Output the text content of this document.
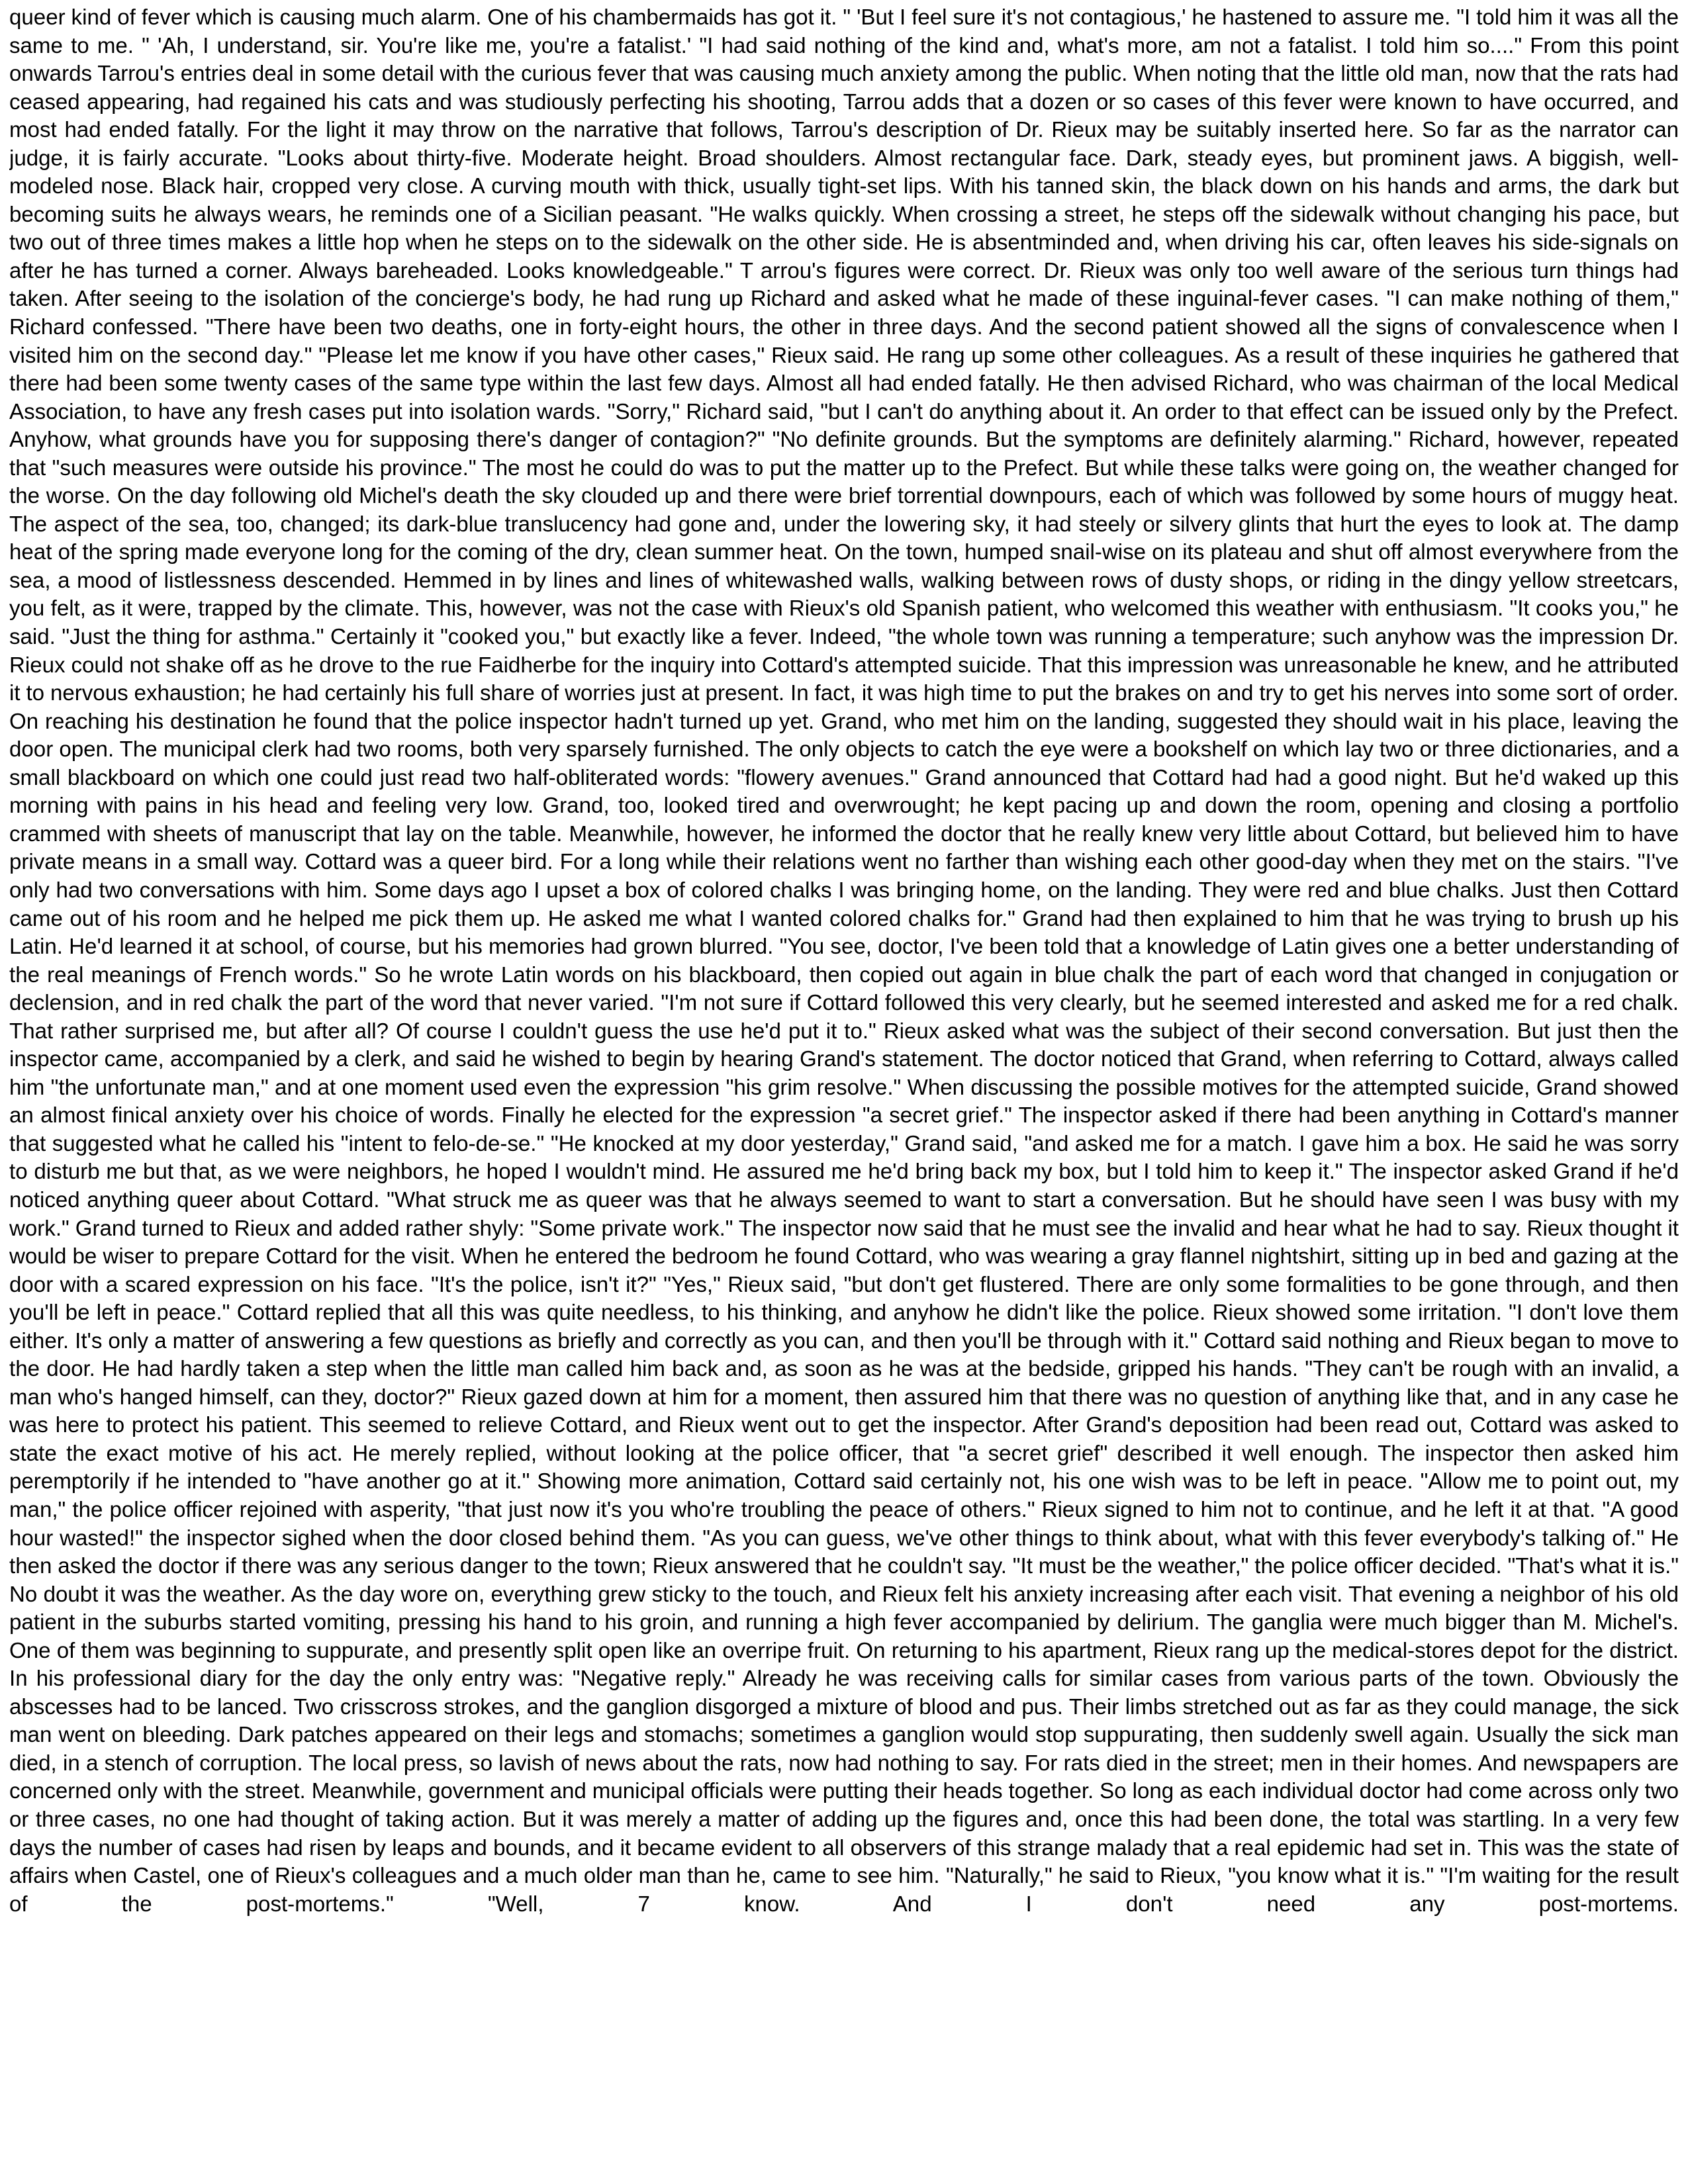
queer kind of fever which is causing much alarm. One of his chambermaids has got it. " 'But I feel sure it's not contagious,' he hastened to assure me. "I told him it was all the same to me. " 'Ah, I understand, sir. You're like me, you're a fatalist.' "I had said nothing of the kind and, what's more, am not a fatalist. I told him so...." From this point onwards Tarrou's entries deal in some detail with the curious fever that was causing much anxiety among the public. When noting that the little old man, now that the rats had ceased appearing, had regained his cats and was studiously perfecting his shooting, Tarrou adds that a dozen or so cases of this fever were known to have occurred, and most had ended fatally. For the light it may throw on the narrative that follows, Tarrou's description of Dr. Rieux may be suitably inserted here. So far as the narrator can judge, it is fairly accurate. "Looks about thirty-five. Moderate height. Broad shoulders. Almost rectangular face. Dark, steady eyes, but prominent jaws. A biggish, well-modeled nose. Black hair, cropped very close. A curving mouth with thick, usually tight-set lips. With his tanned skin, the black down on his hands and arms, the dark but becoming suits he always wears, he reminds one of a Sicilian peasant. "He walks quickly. When crossing a street, he steps off the sidewalk without changing his pace, but two out of three times makes a little hop when he steps on to the sidewalk on the other side. He is absentminded and, when driving his car, often leaves his side-signals on after he has turned a corner. Always bareheaded. Looks knowledgeable." T arrou's figures were correct. Dr. Rieux was only too well aware of the serious turn things had taken. After seeing to the isolation of the concierge's body, he had rung up Richard and asked what he made of these inguinal-fever cases. "I can make nothing of them," Richard confessed. "There have been two deaths, one in forty-eight hours, the other in three days. And the second patient showed all the signs of convalescence when I visited him on the second day." "Please let me know if you have other cases," Rieux said. He rang up some other colleagues. As a result of these inquiries he gathered that there had been some twenty cases of the same type within the last few days. Almost all had ended fatally. He then advised Richard, who was chairman of the local Medical Association, to have any fresh cases put into isolation wards. "Sorry," Richard said, "but I can't do anything about it. An order to that effect can be issued only by the Prefect. Anyhow, what grounds have you for supposing there's danger of contagion?" "No definite grounds. But the symptoms are definitely alarming." Richard, however, repeated that "such measures were outside his province." The most he could do was to put the matter up to the Prefect. But while these talks were going on, the weather changed for the worse. On the day following old Michel's death the sky clouded up and there were brief torrential downpours, each of which was followed by some hours of muggy heat. The aspect of the sea, too, changed; its dark-blue translucency had gone and, under the lowering sky, it had steely or silvery glints that hurt the eyes to look at. The damp heat of the spring made everyone long for the coming of the dry, clean summer heat. On the town, humped snail-wise on its plateau and shut off almost everywhere from the sea, a mood of listlessness descended. Hemmed in by lines and lines of whitewashed walls, walking between rows of dusty shops, or riding in the dingy yellow streetcars, you felt, as it were, trapped by the climate. This, however, was not the case with Rieux's old Spanish patient, who welcomed this weather with enthusiasm. "It cooks you," he said. "Just the thing for asthma." Certainly it "cooked you," but exactly like a fever. Indeed, "the whole town was running a temperature; such anyhow was the impression Dr. Rieux could not shake off as he drove to the rue Faidherbe for the inquiry into Cottard's attempted suicide. That this impression was unreasonable he knew, and he attributed it to nervous exhaustion; he had certainly his full share of worries just at present. In fact, it was high time to put the brakes on and try to get his nerves into some sort of order. On reaching his destination he found that the police inspector hadn't turned up yet. Grand, who met him on the landing, suggested they should wait in his place, leaving the door open. The municipal clerk had two rooms, both very sparsely furnished. The only objects to catch the eye were a bookshelf on which lay two or three dictionaries, and a small blackboard on which one could just read two half-obliterated words: "flowery avenues." Grand announced that Cottard had had a good night. But he'd waked up this morning with pains in his head and feeling very low. Grand, too, looked tired and overwrought; he kept pacing up and down the room, opening and closing a portfolio crammed with sheets of manuscript that lay on the table. Meanwhile, however, he informed the doctor that he really knew very little about Cottard, but believed him to have private means in a small way. Cottard was a queer bird. For a long while their relations went no farther than wishing each other good-day when they met on the stairs. "I've only had two conversations with him. Some days ago I upset a box of colored chalks I was bringing home, on the landing. They were red and blue chalks. Just then Cottard came out of his room and he helped me pick them up. He asked me what I wanted colored chalks for." Grand had then explained to him that he was trying to brush up his Latin. He'd learned it at school, of course, but his memories had grown blurred. "You see, doctor, I've been told that a knowledge of Latin gives one a better understanding of the real meanings of French words." So he wrote Latin words on his blackboard, then copied out again in blue chalk the part of each word that changed in conjugation or declension, and in red chalk the part of the word that never varied. "I'm not sure if Cottard followed this very clearly, but he seemed interested and asked me for a red chalk. That rather surprised me, but after all? Of course I couldn't guess the use he'd put it to." Rieux asked what was the subject of their second conversation. But just then the inspector came, accompanied by a clerk, and said he wished to begin by hearing Grand's statement. The doctor noticed that Grand, when referring to Cottard, always called him "the unfortunate man," and at one moment used even the expression "his grim resolve." When discussing the possible motives for the attempted suicide, Grand showed an almost finical anxiety over his choice of words. Finally he elected for the expression "a secret grief." The inspector asked if there had been anything in Cottard's manner that suggested what he called his "intent to felo-de-se." "He knocked at my door yesterday," Grand said, "and asked me for a match. I gave him a box. He said he was sorry to disturb me but that, as we were neighbors, he hoped I wouldn't mind. He assured me he'd bring back my box, but I told him to keep it." The inspector asked Grand if he'd noticed anything queer about Cottard. "What struck me as queer was that he always seemed to want to start a conversation. But he should have seen I was busy with my work." Grand turned to Rieux and added rather shyly: "Some private work." The inspector now said that he must see the invalid and hear what he had to say. Rieux thought it would be wiser to prepare Cottard for the visit. When he entered the bedroom he found Cottard, who was wearing a gray flannel nightshirt, sitting up in bed and gazing at the door with a scared expression on his face. "It's the police, isn't it?" "Yes," Rieux said, "but don't get flustered. There are only some formalities to be gone through, and then you'll be left in peace." Cottard replied that all this was quite needless, to his thinking, and anyhow he didn't like the police. Rieux showed some irritation. "I don't love them either. It's only a matter of answering a few questions as briefly and correctly as you can, and then you'll be through with it." Cottard said nothing and Rieux began to move to the door. He had hardly taken a step when the little man called him back and, as soon as he was at the bedside, gripped his hands. "They can't be rough with an invalid, a man who's hanged himself, can they, doctor?" Rieux gazed down at him for a moment, then assured him that there was no question of anything like that, and in any case he was here to protect his patient. This seemed to relieve Cottard, and Rieux went out to get the inspector. After Grand's deposition had been read out, Cottard was asked to state the exact motive of his act. He merely replied, without looking at the police officer, that "a secret grief" described it well enough. The inspector then asked him peremptorily if he intended to "have another go at it." Showing more animation, Cottard said certainly not, his one wish was to be left in peace. "Allow me to point out, my man," the police officer rejoined with asperity, "that just now it's you who're troubling the peace of others." Rieux signed to him not to continue, and he left it at that. "A good hour wasted!" the inspector sighed when the door closed behind them. "As you can guess, we've other things to think about, what with this fever everybody's talking of." He then asked the doctor if there was any serious danger to the town; Rieux answered that he couldn't say. "It must be the weather," the police officer decided. "That's what it is." No doubt it was the weather. As the day wore on, everything grew sticky to the touch, and Rieux felt his anxiety increasing after each visit. That evening a neighbor of his old patient in the suburbs started vomiting, pressing his hand to his groin, and running a high fever accompanied by delirium. The ganglia were much bigger than M. Michel's. One of them was beginning to suppurate, and presently split open like an overripe fruit. On returning to his apartment, Rieux rang up the medical-stores depot for the district. In his professional diary for the day the only entry was: "Negative reply." Already he was receiving calls for similar cases from various parts of the town. Obviously the abscesses had to be lanced. Two crisscross strokes, and the ganglion disgorged a mixture of blood and pus. Their limbs stretched out as far as they could manage, the sick man went on bleeding. Dark patches appeared on their legs and stomachs; sometimes a ganglion would stop suppurating, then suddenly swell again. Usually the sick man died, in a stench of corruption. The local press, so lavish of news about the rats, now had nothing to say. For rats died in the street; men in their homes. And newspapers are concerned only with the street. Meanwhile, government and municipal officials were putting their heads together. So long as each individual doctor had come across only two or three cases, no one had thought of taking action. But it was merely a matter of adding up the figures and, once this had been done, the total was startling. In a very few days the number of cases had risen by leaps and bounds, and it became evident to all observers of this strange malady that a real epidemic had set in. This was the state of affairs when Castel, one of Rieux's colleagues and a much older man than he, came to see him. "Naturally," he said to Rieux, "you know what it is." "I'm waiting for the result of the post-mortems." "Well, 7 know. And I don't need any post-mortems.
